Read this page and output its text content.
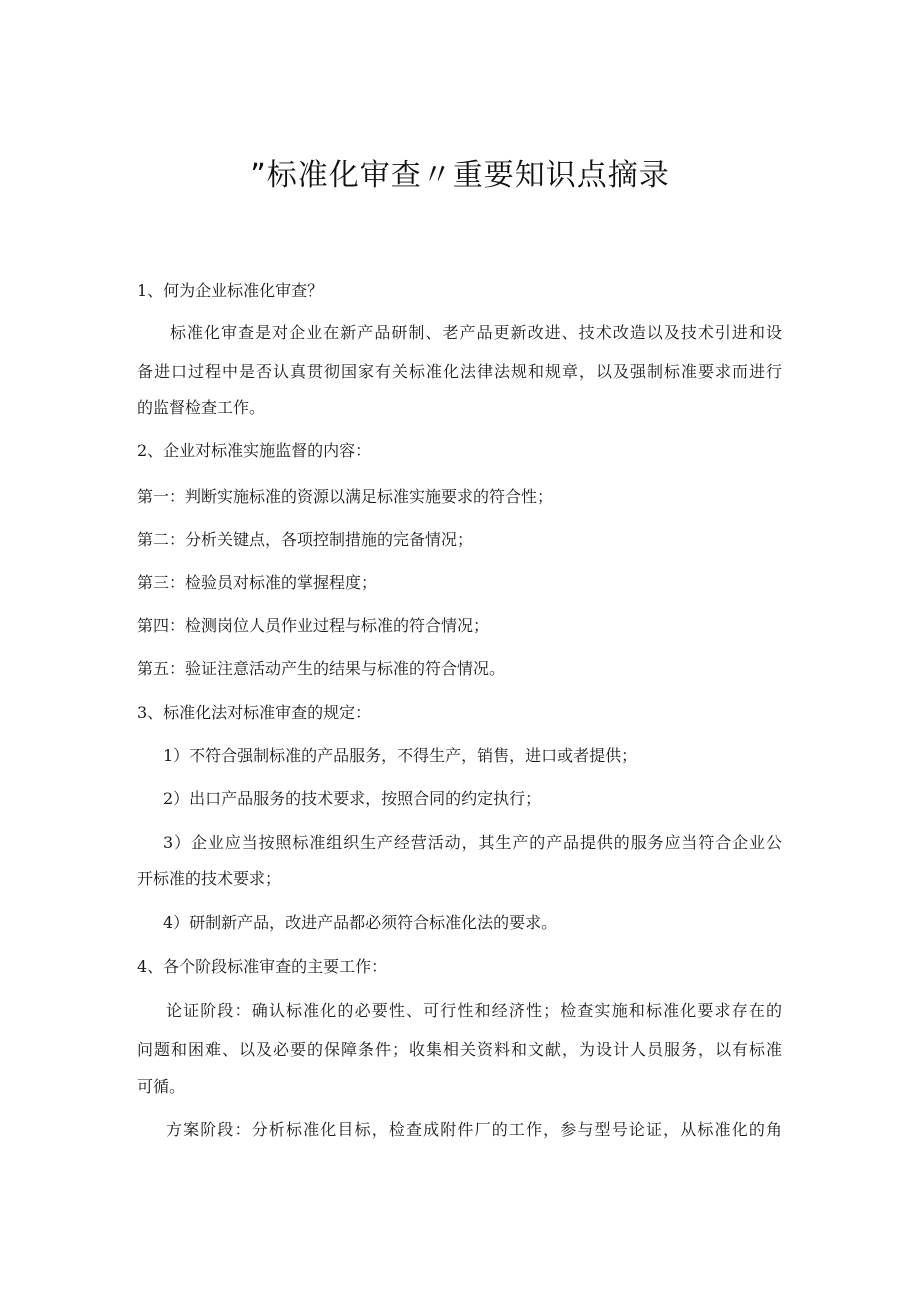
”标准化审查〃重要知识点摘录
1、何为企业标准化审查？
标准化审查是对企业在新产品研制、老产品更新改进、技术改造以及技术引进和设
备进口过程中是否认真贯彻国家有关标准化法律法规和规章，以及强制标准要求而进行
的监督检查工作。
2、企业对标准实施监督的内容：
第一：判断实施标准的资源以满足标准实施要求的符合性；
第二：分析关键点，各项控制措施的完备情况；
第三：检验员对标准的掌握程度；
第四：检测岗位人员作业过程与标准的符合情况；
第五：验证注意活动产生的结果与标准的符合情况。
3、标准化法对标准审查的规定：
1）不符合强制标准的产品服务，不得生产，销售，进口或者提供；
2）出口产品服务的技术要求，按照合同的约定执行；
3）企业应当按照标准组织生产经营活动，其生产的产品提供的服务应当符合企业公
开标准的技术要求；
4）研制新产品，改进产品都必须符合标准化法的要求。
4、各个阶段标准审查的主要工作：
论证阶段：确认标准化的必要性、可行性和经济性；检查实施和标准化要求存在的
问题和困难、以及必要的保障条件；收集相关资料和文献，为设计人员服务，以有标准
可循。
方案阶段：分析标准化目标，检查成附件厂的工作，参与型号论证，从标准化的角
